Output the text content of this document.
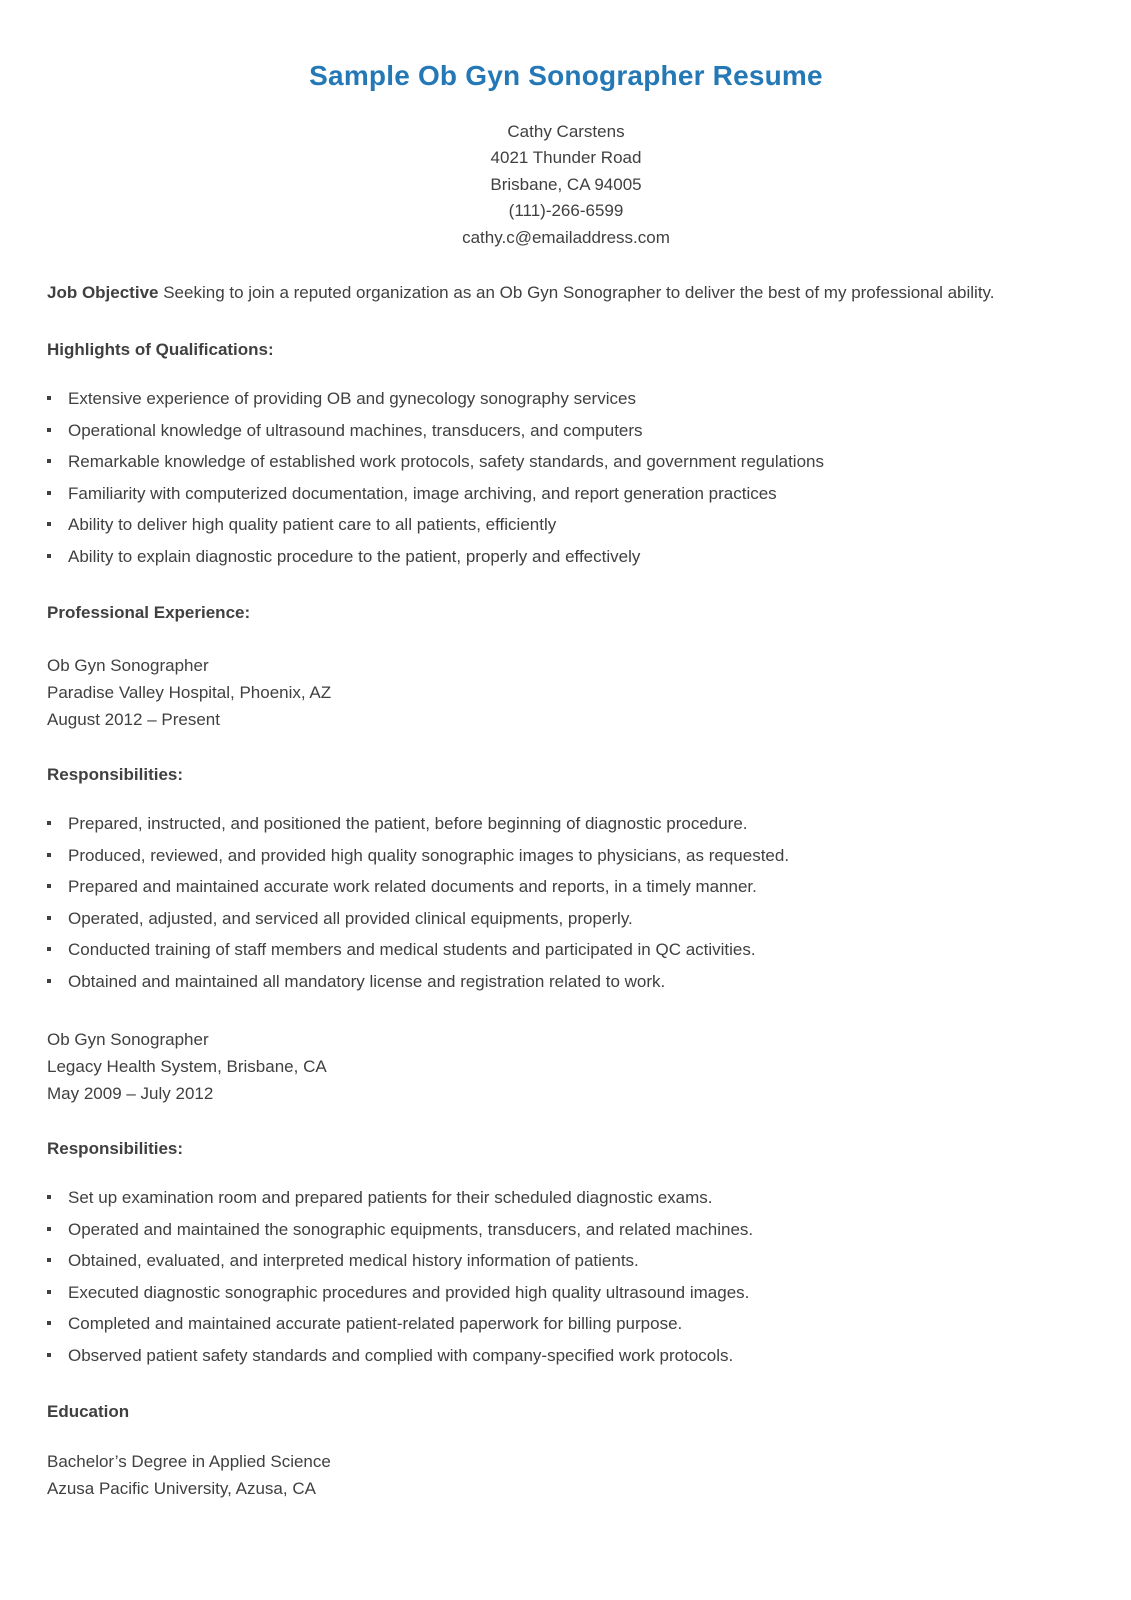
Sample Ob Gyn Sonographer Resume
Cathy Carstens
4021 Thunder Road
Brisbane, CA 94005
(111)-266-6599
cathy.c@emailaddress.com

Job Objective Seeking to join a reputed organization as an Ob Gyn Sonographer to deliver the best of my professional ability.

Highlights of Qualifications:
Extensive experience of providing OB and gynecology sonography services
Operational knowledge of ultrasound machines, transducers, and computers
Remarkable knowledge of established work protocols, safety standards, and government regulations
Familiarity with computerized documentation, image archiving, and report generation practices
Ability to deliver high quality patient care to all patients, efficiently
Ability to explain diagnostic procedure to the patient, properly and effectively
Professional Experience:
Ob Gyn Sonographer
Paradise Valley Hospital, Phoenix, AZ
August 2012 – Present
Responsibilities:
Prepared, instructed, and positioned the patient, before beginning of diagnostic procedure.
Produced, reviewed, and provided high quality sonographic images to physicians, as requested.
Prepared and maintained accurate work related documents and reports, in a timely manner.
Operated, adjusted, and serviced all provided clinical equipments, properly.
Conducted training of staff members and medical students and participated in QC activities.
Obtained and maintained all mandatory license and registration related to work.
Ob Gyn Sonographer
Legacy Health System, Brisbane, CA
May 2009 – July 2012
Responsibilities:
Set up examination room and prepared patients for their scheduled diagnostic exams.
Operated and maintained the sonographic equipments, transducers, and related machines.
Obtained, evaluated, and interpreted medical history information of patients.
Executed diagnostic sonographic procedures and provided high quality ultrasound images.
Completed and maintained accurate patient-related paperwork for billing purpose.
Observed patient safety standards and complied with company-specified work protocols.
Education
Bachelor’s Degree in Applied Science
Azusa Pacific University, Azusa, CA
